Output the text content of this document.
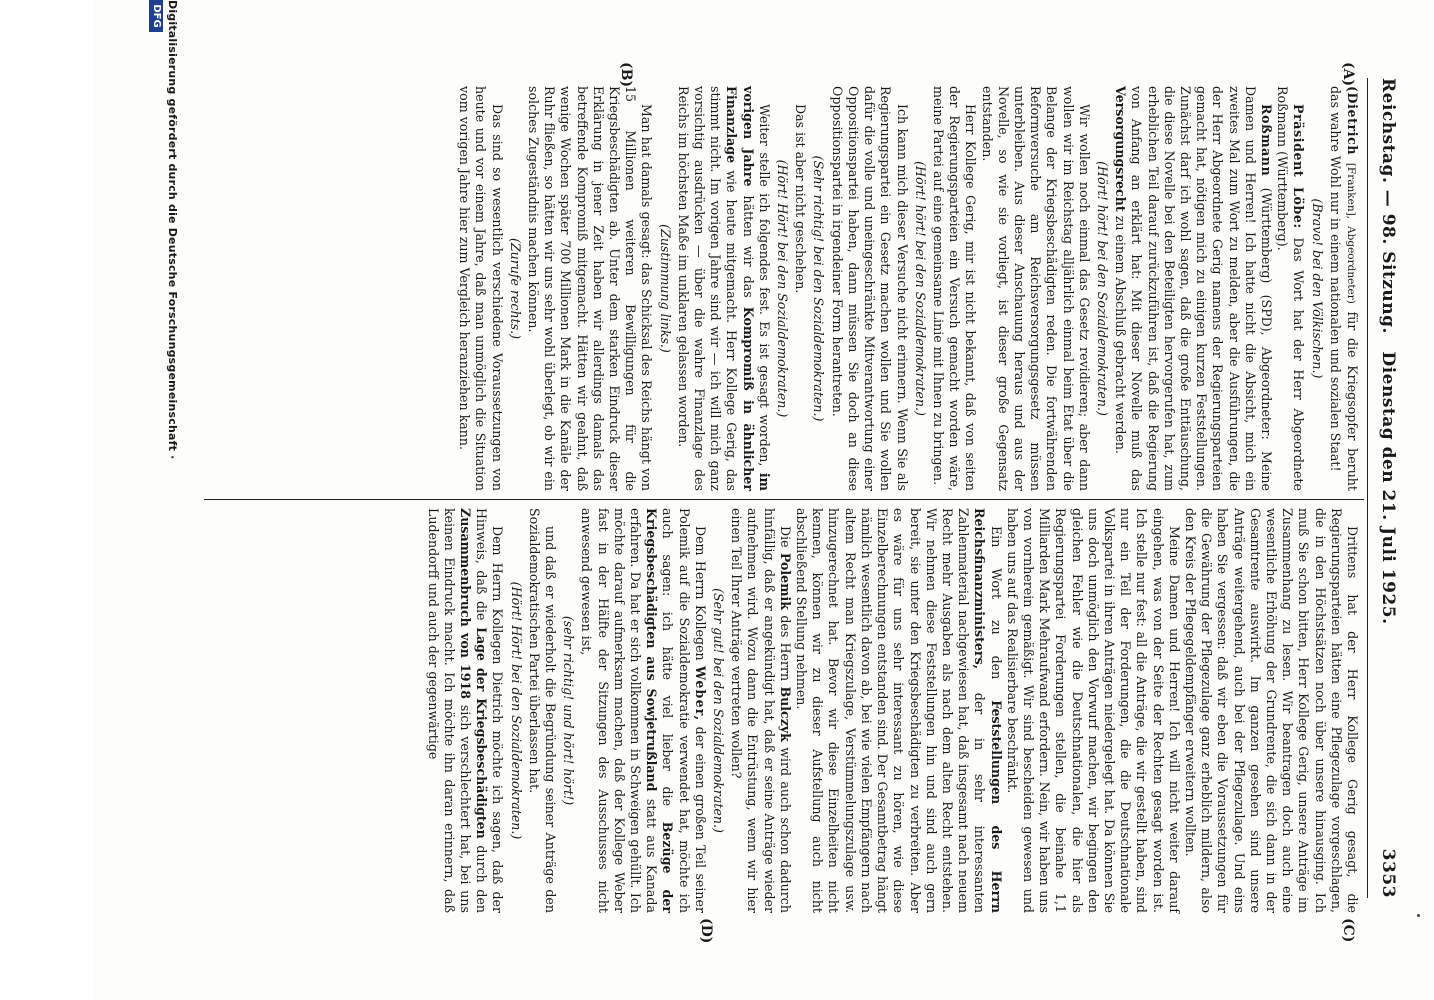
Reichstag. — 98. Sitzung.
Dienstag den 21. Juli 1925.
3353
(A)
(B)
(C)
(D)

(Dietrich [Franken], Abgeordneter) für die Kriegsopfer beruht das wahre Wohl nur in einem nationalen und sozialen Staat!

(Bravo! bei den Völkischen.)

Präsident Löbe: Das Wort hat der Herr Abgeordnete Roßmann (Württemberg).

Roßmann (Württemberg) (SPD), Abgeordneter: Meine Damen und Herren! Ich hatte nicht die Absicht, mich ein zweites Mal zum Wort zu melden, aber die Ausführungen, die der Herr Abgeordnete Gerig namens der Regierungsparteien gemacht hat, nötigen mich zu einigen kurzen Feststellungen. Zunächst darf ich wohl sagen, daß die große Enttäuschung, die diese Novelle bei den Beteiligten hervorgerufen hat, zum erheblichen Teil darauf zurückzuführen ist, daß die Regierung von Anfang an erklärt hat: Mit dieser Novelle muß das Versorgungsrecht zu einem Abschluß gebracht werden.

(Hört! hört! bei den Sozialdemokraten.)

Wir wollen noch einmal das Gesetz revidieren; aber dann wollen wir im Reichstag alljährlich einmal beim Etat über die Belange der Kriegsbeschädigten reden. Die fortwährenden Reformversuche am Reichsversorgungsgesetz müssen unterbleiben. Aus dieser Anschauung heraus und aus der Novelle, so wie sie vorliegt, ist dieser große Gegensatz entstanden.

Herr Kollege Gerig, mir ist nicht bekannt, daß von seiten der Regierungsparteien ein Versuch gemacht worden wäre, meine Partei auf eine gemeinsame Linie mit Ihnen zu bringen.

(Hört! hört! bei den Sozialdemokraten.)

Ich kann mich dieser Versuche nicht erinnern. Wenn Sie als Regierungspartei ein Gesetz machen wollen und Sie wollen dafür die volle und uneingeschränkte Mitverantwortung einer Oppositionspartei haben, dann müssen Sie doch an diese Oppositionspartei in irgendeiner Form herantreten.

(Sehr richtig! bei den Sozialdemokraten.)

Das ist aber nicht geschehen.

(Hört! Hört! bei den Sozialdemokraten.)

Weiter stelle ich folgendes fest. Es ist gesagt worden, im vorigen Jahre hätten wir das Kompromiß in ähnlicher Finanzlage wie heute mitgemacht. Herr Kollege Gerig, das stimmt nicht. Im vorigen Jahre sind wir — ich will mich ganz vorsichtig ausdrücken — über die wahre Finanzlage des Reichs im höchsten Maße im unklaren gelassen worden.

(Zustimmung links.)

Man hat damals gesagt: das Schicksal des Reichs hängt von 15 Millionen weiteren Bewilligungen für die Kriegsbeschädigten ab. Unter dem starken Eindruck dieser Erklärung in jener Zeit haben wir allerdings damals das betreffende Kompromiß mitgemacht. Hätten wir geahnt, daß wenige Wochen später 700 Millionen Mark in die Kanäle der Ruhr fließen, so hätten wir uns sehr wohl überlegt, ob wir ein solches Zugeständnis machen können.

(Zurufe rechts.)

Das sind so wesentlich verschiedene Voraussetzungen von heute und vor einem Jahre, daß man unmöglich die Situation vom vorigen Jahre hier zum Vergleich heranziehen kann.

Drittens hat der Herr Kollege Gerig gesagt, die Regierungsparteien hätten eine Pflegezulage vorgeschlagen, die in den Höchstsätzen noch über unsere hinausging. Ich muß Sie schon bitten, Herr Kollege Gerig, unsere Anträge im Zusammenhang zu lesen. Wir beantragen doch auch eine wesentliche Erhöhung der Grundrente, die sich dann in der Gesamtrente auswirkt. Im ganzen gesehen sind unsere Anträge weitergehend, auch bei der Pflegezulage. Und eins haben Sie vergessen: daß wir eben die Voraussetzungen für die Gewährung der Pflegezulage ganz erheblich mildern, also den Kreis der Pflegegeldempfänger erweitern wollten.

Meine Damen und Herren! Ich will nicht weiter darauf eingehen, was von der Seite der Rechten gesagt worden ist. Ich stelle nur fest: all die Anträge, die wir gestellt haben, sind nur ein Teil der Forderungen, die die Deutschnationale Volkspartei in ihren Anträgen niedergelegt hat. Da können Sie uns doch unmöglich den Vorwurf machen, wir begingen den gleichen Fehler wie die Deutschnationalen, die hier als Regierungspartei Forderungen stellen, die beinahe 1,1 Milliarden Mark Mehraufwand erfordern. Nein, wir haben uns von vornherein gemäßigt. Wir sind bescheiden gewesen und haben uns auf das Realisierbare beschränkt.

Ein Wort zu den Feststellungen des Herrn Reichsfinanzministers, der in sehr interessanten Zahlenmaterial nachgewiesen hat, daß insgesamt nach neuem Recht mehr Ausgaben als nach dem alten Recht entstehen. Wir nehmen diese Feststellungen hin und sind auch gern bereit, sie unter den Kriegsbeschädigten zu verbreiten. Aber es wäre für uns sehr interessant zu hören, wie diese Einzelberechnungen entstanden sind. Der Gesamtbetrag hängt nämlich wesentlich davon ab, bei wie vielen Empfängern nach altem Recht man Kriegszulage, Verstümmelungszulage usw. hinzugerechnet hat. Bevor wir diese Einzelheiten nicht kennen, können wir zu dieser Aufstellung auch nicht abschließend Stellung nehmen.

Die Polemik des Herrn Bulczyk wird auch schon dadurch hinfällig, daß er angekündigt hat, daß er seine Anträge wieder aufnehmen wird. Wozu dann die Entrüstung, wenn wir hier einen Teil Ihrer Anträge vertreten wollen?

(Sehr gut! bei den Sozialdemokraten.)

Dem Herrn Kollegen Weber, der einen großen Teil seiner Polemik auf die Sozialdemokratie verwendet hat, möchte ich auch sagen: ich hätte viel lieber die Bezüge der Kriegsbeschädigten aus Sowjetrußland statt aus Kanada erfahren. Da hat er sich vollkommen in Schweigen gehüllt. Ich möchte darauf aufmerksam machen, daß der Kollege Weber fast in der Hälfte der Sitzungen des Ausschusses nicht anwesend gewesen ist,

(sehr richtig! und hört! hört!)

und daß er wiederholt die Begründung seiner Anträge den Sozialdemokratischen Partei überlassen hat.

(Hört! Hört! bei den Sozialdemokraten.)

Dem Herrn Kollegen Dietrich möchte ich sagen, daß der Hinweis, daß die Lage der Kriegsbeschädigten durch den Zusammenbruch von 1918 sich verschlechtert hat, bei uns keinen Eindruck macht. Ich möchte ihn daran erinnern, daß Ludendorff und auch der gegenwärtige

Digitalisierung gefördert durch die Deutsche Forschungsgemeinschaft ·
DFG
